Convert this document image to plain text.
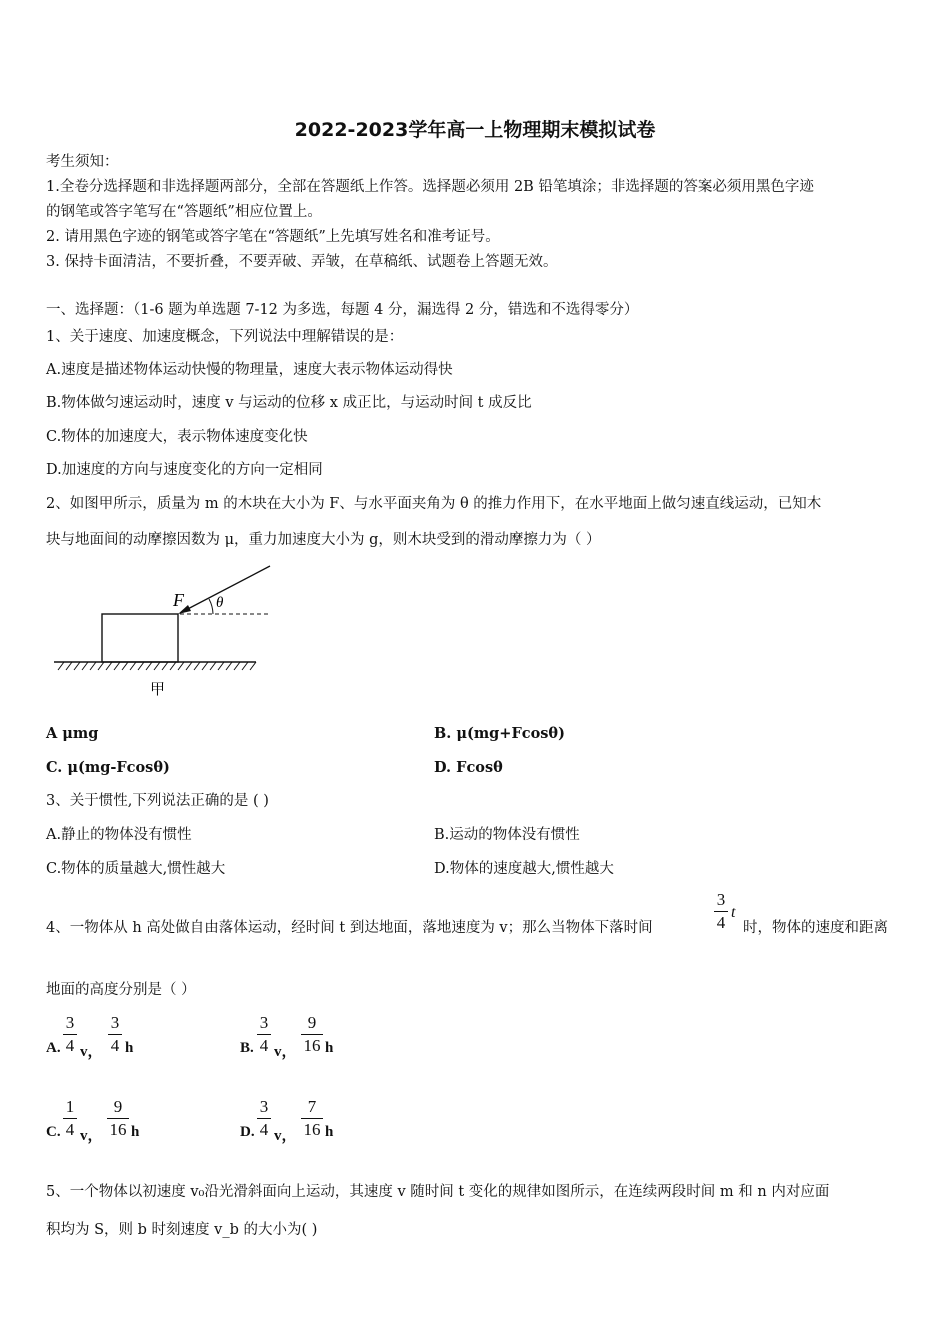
2022-2023学年高一上物理期末模拟试卷
考生须知：
1.全卷分选择题和非选择题两部分，全部在答题纸上作答。选择题必须用 2B 铅笔填涂；非选择题的答案必须用黑色字迹
的钢笔或答字笔写在“答题纸”相应位置上。
2. 请用黑色字迹的钢笔或答字笔在“答题纸”上先填写姓名和准考证号。
3. 保持卡面清洁，不要折叠，不要弄破、弄皱，在草稿纸、试题卷上答题无效。
一、选择题：（1-6 题为单选题 7-12 为多选，每题 4 分，漏选得 2 分，错选和不选得零分）
1、关于速度、加速度概念，下列说法中理解错误的是：
A.速度是描述物体运动快慢的物理量，速度大表示物体运动得快
B.物体做匀速运动时，速度 v 与运动的位移 x 成正比，与运动时间 t 成反比
C.物体的加速度大，表示物体速度变化快
D.加速度的方向与速度变化的方向一定相同
2、如图甲所示，质量为 m 的木块在大小为 F、与水平面夹角为 θ 的推力作用下，在水平地面上做匀速直线运动，已知木
块与地面间的动摩擦因数为 μ，重力加速度大小为 g，则木块受到的滑动摩擦力为（ ）
F θ
甲
A μmg	B. μ(mg+Fcosθ)
C. μ(mg-Fcosθ)	D. Fcosθ
3、关于惯性,下列说法正确的是 ( )
A.静止的物体没有惯性	B.运动的物体没有惯性
C.物体的质量越大,惯性越大	D.物体的速度越大,惯性越大
4、一物体从 h 高处做自由落体运动，经时间 t 到达地面，落地速度为 v；那么当物体下落时间
3
4
t
时，物体的速度和距离
地面的高度分别是（ ）
A.
3
4 v，
3
4 h	B.
3
4 v，
9
16 h
C.
1
4 v，
9
16 h	D.
3
4 v，
7
16 h
5、一个物体以初速度 v₀沿光滑斜面向上运动，其速度 v 随时间 t 变化的规律如图所示，在连续两段时间 m 和 n 内对应面
积均为 S，则 b 时刻速度 v_b 的大小为( )
